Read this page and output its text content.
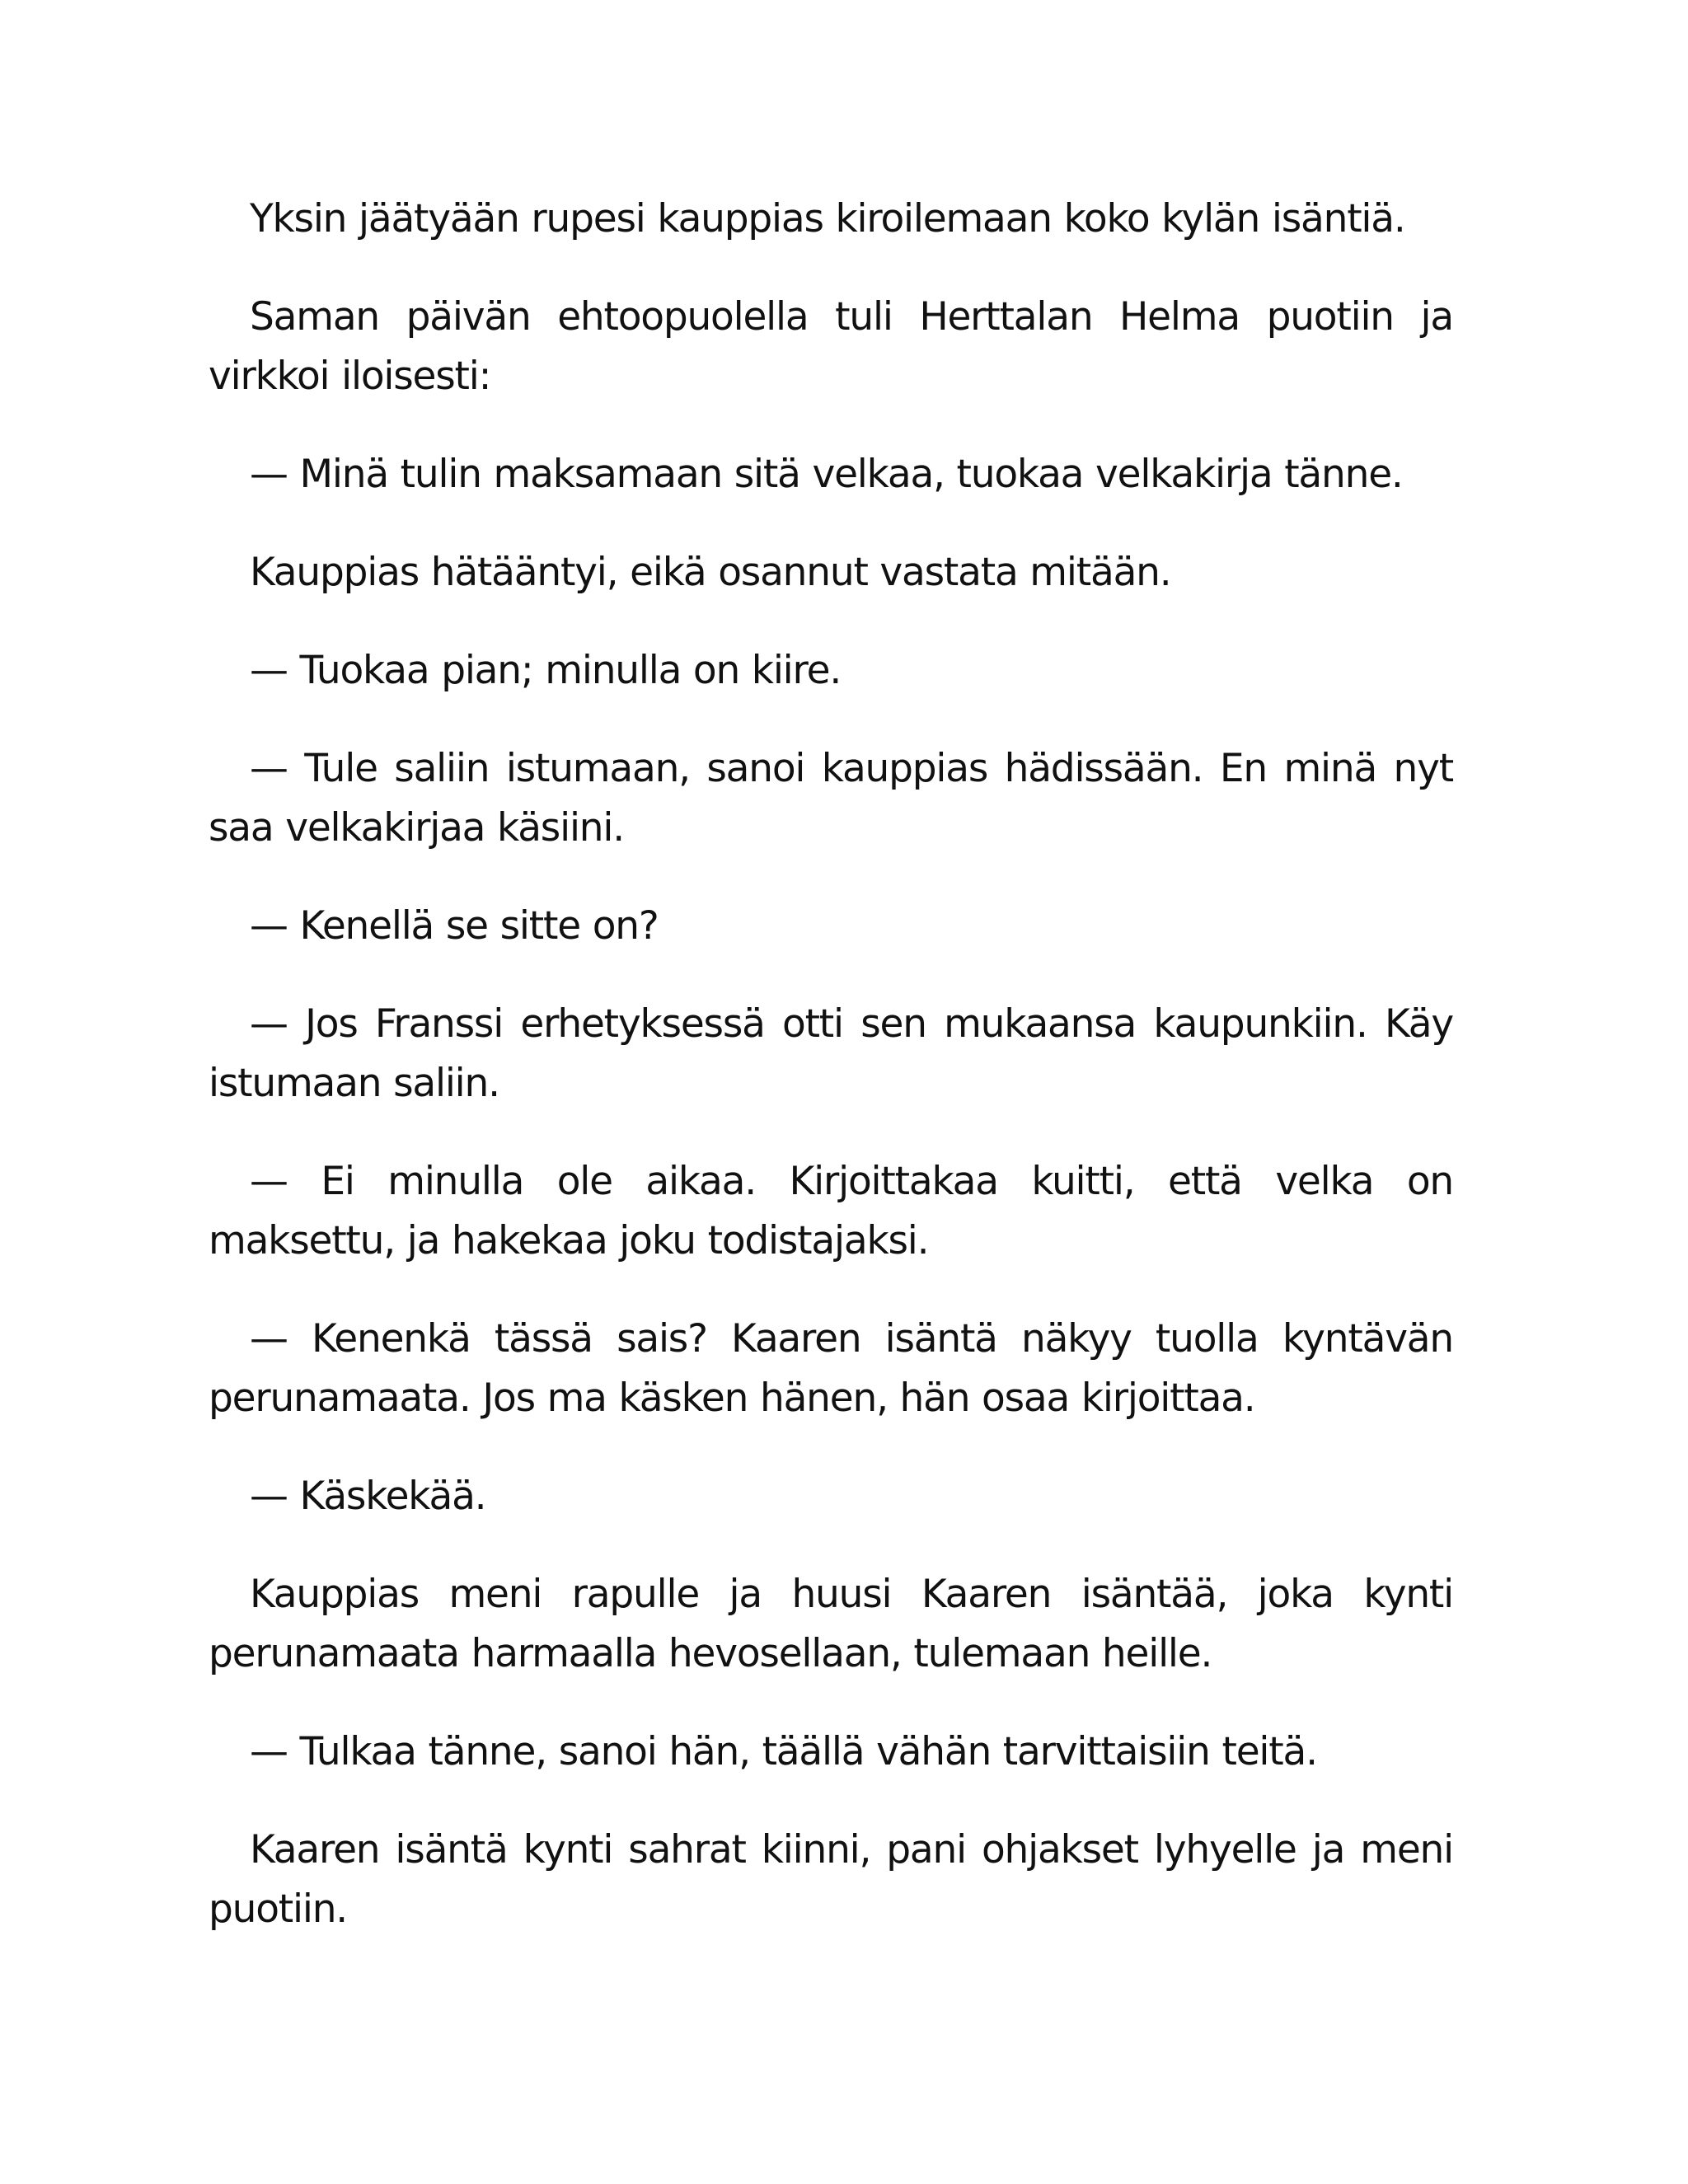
Yksin jäätyään rupesi kauppias kiroilemaan koko kylän isäntiä.

Saman päivän ehtoopuolella tuli Herttalan Helma puotiin ja virkkoi iloisesti:

— Minä tulin maksamaan sitä velkaa, tuokaa velkakirja tänne.

Kauppias hätääntyi, eikä osannut vastata mitään.

— Tuokaa pian; minulla on kiire.

— Tule saliin istumaan, sanoi kauppias hädissään. En minä nyt saa velkakirjaa käsiini.

— Kenellä se sitte on?

— Jos Franssi erhetyksessä otti sen mukaansa kaupunkiin. Käy istumaan saliin.

— Ei minulla ole aikaa. Kirjoittakaa kuitti, että velka on maksettu, ja hakekaa joku todistajaksi.

— Kenenkä tässä sais? Kaaren isäntä näkyy tuolla kyntävän perunamaata. Jos ma käsken hänen, hän osaa kirjoittaa.

— Käskekää.

Kauppias meni rapulle ja huusi Kaaren isäntää, joka kynti perunamaata harmaalla hevosellaan, tulemaan heille.

— Tulkaa tänne, sanoi hän, täällä vähän tarvittaisiin teitä.

Kaaren isäntä kynti sahrat kiinni, pani ohjakset lyhyelle ja meni puotiin.
